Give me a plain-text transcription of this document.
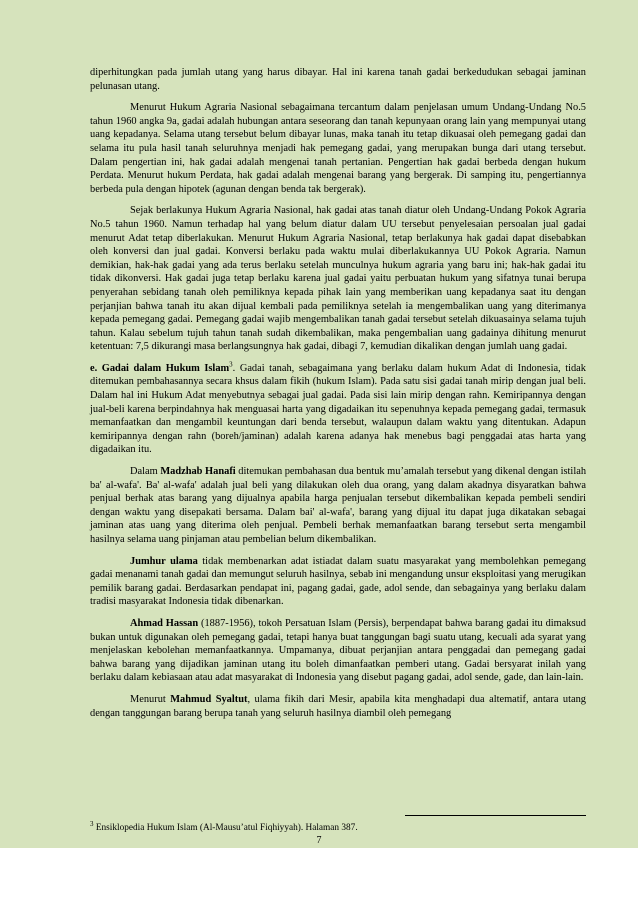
diperhitungkan pada jumlah utang yang harus dibayar. Hal ini karena tanah gadai berkedudukan sebagai jaminan pelunasan utang.

Menurut Hukum Agraria Nasional sebagaimana tercantum dalam penjelasan umum Undang-Undang No.5 tahun 1960 angka 9a, gadai adalah hubungan antara seseorang dan tanah kepunyaan orang lain yang mempunyai utang uang kepadanya. Selama utang tersebut belum dibayar lunas, maka tanah itu tetap dikuasai oleh pemegang gadai dan selama itu pula hasil tanah seluruhnya menjadi hak pemegang gadai, yang merupakan bunga dari utang tersebut. Dalam pengertian ini, hak gadai adalah mengenai tanah pertanian. Pengertian hak gadai berbeda dengan hukum Perdata. Menurut hukum Perdata, hak gadai adalah mengenai barang yang bergerak. Di samping itu, pengertiannya berbeda pula dengan hipotek (agunan dengan benda tak bergerak).

Sejak berlakunya Hukum Agraria Nasional, hak gadai atas tanah diatur oleh Undang-Undang Pokok Agraria No.5 tahun 1960. Namun terhadap hal yang belum diatur dalam UU tersebut penyelesaian persoalan jual gadai menurut Adat tetap diberlakukan. Menurut Hukum Agraria Nasional, tetap berlakunya hak gadai dapat disebabkan oleh konversi dan jual gadai. Konversi berlaku pada waktu mulai diberlakukannya UU Pokok Agraria. Namun demikian, hak-hak gadai yang ada terus berlaku setelah munculnya hukum agraria yang baru ini; hak-hak gadai itu tidak dikonversi. Hak gadai juga tetap berlaku karena jual gadai yaitu perbuatan hukum yang sifatnya tunai berupa penyerahan sebidang tanah oleh pemiliknya kepada pihak lain yang memberikan uang kepadanya saat itu dengan perjanjian bahwa tanah itu akan dijual kembali pada pemiliknya setelah ia mengembalikan uang yang diterimanya kepada pemegang gadai. Pemegang gadai wajib mengembalikan tanah gadai tersebut setelah dikuasainya selama tujuh tahun. Kalau sebelum tujuh tahun tanah sudah dikembalikan, maka pengembalian uang gadainya dihitung menurut ketentuan: 7,5 dikurangi masa berlangsungnya hak gadai, dibagi 7, kemudian dikalikan dengan jumlah uang gadai.

e. Gadai dalam Hukum Islam$^3$. Gadai tanah, sebagaimana yang berlaku dalam hukum Adat di Indonesia, tidak ditemukan pembahasannya secara khsus dalam fikih (hukum Islam). Pada satu sisi gadai tanah mirip dengan jual beli. Dalam hal ini Hukum Adat menyebutnya sebagai jual gadai. Pada sisi lain mirip dengan rahn. Kemiripannya dengan jual-beli karena berpindahnya hak menguasai harta yang digadaikan itu sepenuhnya kepada pemegang gadai, termasuk memanfaatkan dan mengambil keuntungan dari benda tersebut, walaupun dalam waktu yang ditentukan. Adapun kemiripannya dengan rahn (boreh/jaminan) adalah karena adanya hak menebus bagi penggadai atas harta yang digadaikan itu.

Dalam Madzhab Hanafi ditemukan pembahasan dua bentuk mu’amalah tersebut yang dikenal dengan istilah ba' al-wafa'. Ba' al-wafa' adalah jual beli yang dilakukan oleh dua orang, yang dalam akadnya disyaratkan bahwa penjual berhak atas barang yang dijualnya apabila harga penjualan tersebut dikembalikan kepada pembeli sendiri dengan waktu yang disepakati bersama. Dalam bai' al-wafa', barang yang dijual itu dapat juga dikatakan sebagai jaminan atas uang yang diterima oleh penjual. Pembeli berhak memanfaatkan barang tersebut serta mengambil hasilnya selama uang pinjaman atau pembelian belum dikembalikan.

Jumhur ulama tidak membenarkan adat istiadat dalam suatu masyarakat yang membolehkan pemegang gadai menanami tanah gadai dan memungut seluruh hasilnya, sebab ini mengandung unsur eksploitasi yang merugikan pemilik barang gadai. Berdasarkan pendapat ini, pagang gadai, gade, adol sende, dan sebagainya yang berlaku dalam tradisi masyarakat Indonesia tidak dibenarkan.

Ahmad Hassan (1887-1956), tokoh Persatuan Islam (Persis), berpendapat bahwa barang gadai itu dimaksud bukan untuk digunakan oleh pemegang gadai, tetapi hanya buat tanggungan bagi suatu utang, kecuali ada syarat yang menjelaskan kebolehan memanfaatkannya. Umpamanya, dibuat perjanjian antara penggadai dan pemegang gadai bahwa barang yang dijadikan jaminan utang itu boleh dimanfaatkan pemberi utang. Gadai bersyarat inilah yang berlaku dalam kebiasaan atau adat masyarakat di Indonesia yang disebut pagang gadai, adol sende, gade, dan lain-lain.

Menurut Mahmud Syaltut, ulama fikih dari Mesir, apabila kita menghadapi dua altematif, antara utang dengan tanggungan barang berupa tanah yang seluruh hasilnya diambil oleh pemegang

$^3$ Ensiklopedia Hukum Islam (Al-Mausu’atul Fiqhiyyah). Halaman 387.
7
